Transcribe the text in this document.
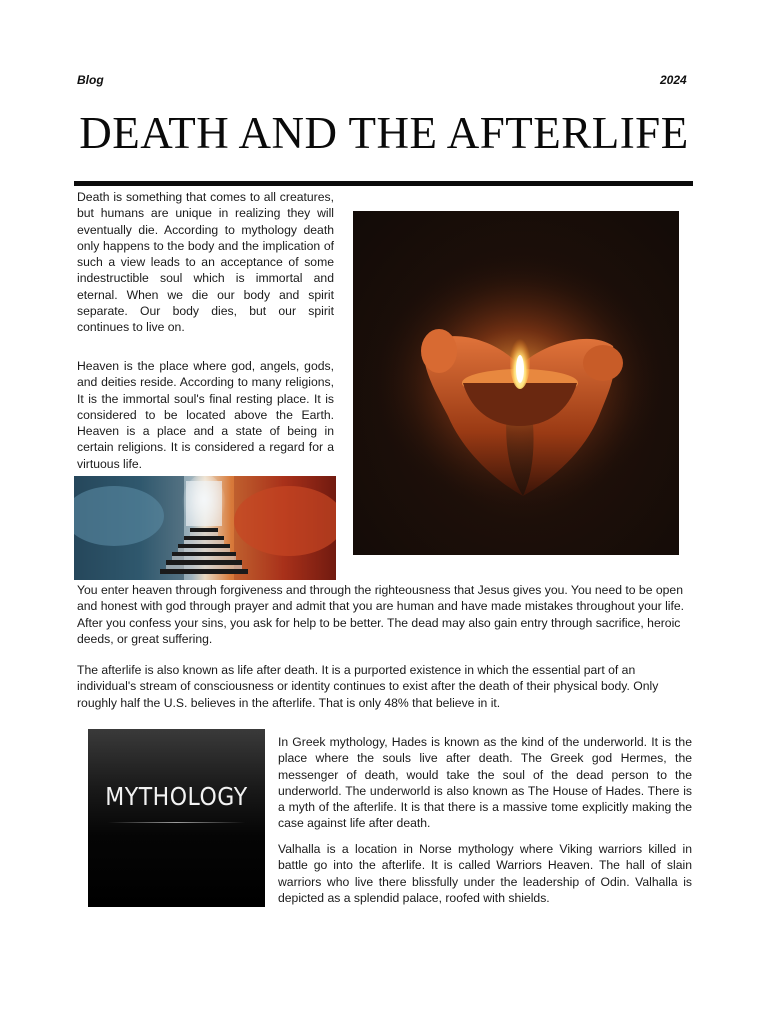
Blog	2024
DEATH AND THE AFTERLIFE

Death is something that comes to all creatures, but humans are unique in realizing they will eventually die. According to mythology death only happens to the body and the implication of such a view leads to an acceptance of some indestructible soul which is immortal and eternal. When we die our body and spirit separate. Our body dies, but our spirit continues to live on.

Heaven is the place where god, angels, gods, and deities reside. According to many religions, It is the immortal soul's final resting place. It is considered to be located above the Earth. Heaven is a place and a state of being in certain religions. It is considered a regard for a virtuous life.

You enter heaven through forgiveness and through the righteousness that Jesus gives you. You need to be open and honest with god through prayer and admit that you are human and have made mistakes throughout your life. After you confess your sins, you ask for help to be better. The dead may also gain entry through sacrifice, heroic deeds, or great suffering.

The afterlife is also known as life after death. It is a purported existence in which the essential part of an individual's stream of consciousness or identity continues to exist after the death of their physical body. Only roughly half the U.S. believes in the afterlife. That is only 48% that believe in it.

MYTHOLOGY

In Greek mythology, Hades is known as the kind of the underworld. It is the place where the souls live after death. The Greek god Hermes, the messenger of death, would take the soul of the dead person to the underworld. The underworld is also known as The House of Hades. There is a myth of the afterlife. It is that there is a massive tome explicitly making the case against life after death.

Valhalla is a location in Norse mythology where Viking warriors killed in battle go into the afterlife. It is called Warriors Heaven. The hall of slain warriors who live there blissfully under the leadership of Odin. Valhalla is depicted as a splendid palace, roofed with shields.
